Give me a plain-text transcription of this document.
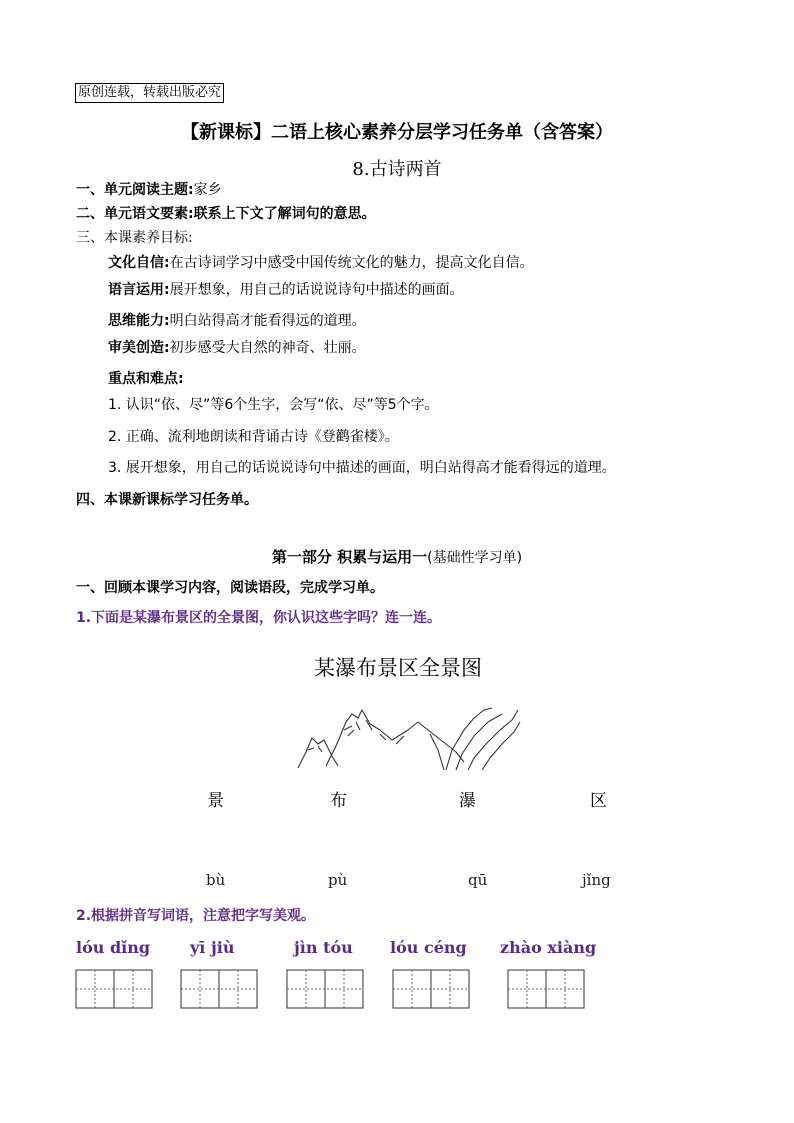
原创连载，转载出版必究
【新课标】二语上核心素养分层学习任务单（含答案）
8.古诗两首
一、单元阅读主题:家乡
二、单元语文要素:联系上下文了解词句的意思。
三、本课素养目标:
文化自信:在古诗词学习中感受中国传统文化的魅力，提高文化自信。
语言运用:展开想象，用自己的话说说诗句中描述的画面。
思维能力:明白站得高才能看得远的道理。
审美创造:初步感受大自然的神奇、壮丽。
重点和难点:
1. 认识“依、尽”等6个生字，会写“依、尽”等5个字。
2. 正确、流利地朗读和背诵古诗《登鹳雀楼》。
3. 展开想象，用自己的话说说诗句中描述的画面，明白站得高才能看得远的道理。
四、本课新课标学习任务单。
第一部分 积累与运用一(基础性学习单)
一、回顾本课学习内容，阅读语段，完成学习单。
1.下面是某瀑布景区的全景图，你认识这些字吗？连一连。
某瀑布景区全景图
景	布	瀑	区
bù	pù	qū	jǐng
2.根据拼音写词语，注意把字写美观。
lóu dǐng yī jiù	jìn tóu lóu céng zhào xiàng
